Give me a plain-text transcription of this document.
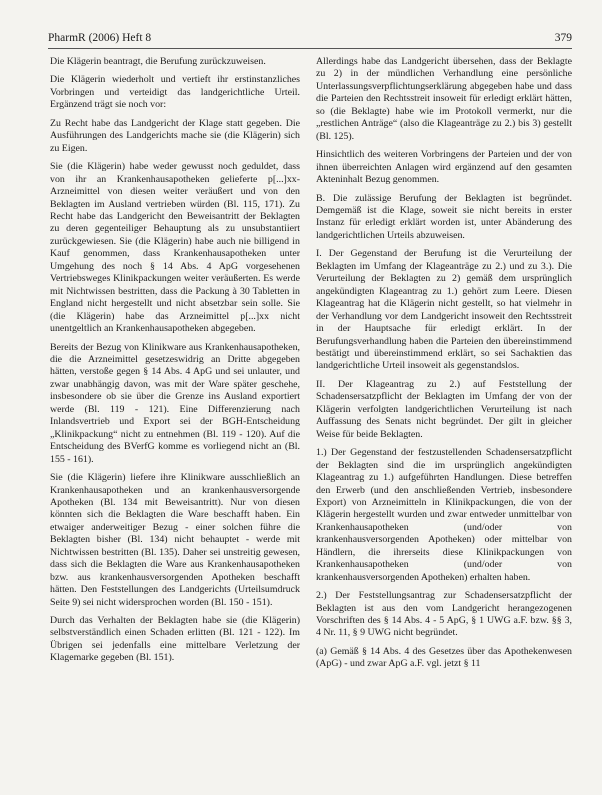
PharmR (2006) Heft 8	379

Die Klägerin beantragt, die Berufung zurückzuweisen.

Die Klägerin wiederholt und vertieft ihr erstinstanzliches Vorbringen und verteidigt das landgerichtliche Urteil. Ergänzend trägt sie noch vor:

Zu Recht habe das Landgericht der Klage statt gegeben. Die Ausführungen des Landgerichts mache sie (die Klägerin) sich zu Eigen.

Sie (die Klägerin) habe weder gewusst noch geduldet, dass von ihr an Krankenhausapotheken gelieferte p[...]xx-Arzneimittel von diesen weiter veräußert und von den Beklagten im Ausland vertrieben würden (Bl. 115, 171). Zu Recht habe das Landgericht den Beweisantritt der Beklagten zu deren gegenteiliger Behauptung als zu unsubstantiiert zurückgewiesen. Sie (die Klägerin) habe auch nie billigend in Kauf genommen, dass Krankenhausapotheken unter Umgehung des noch § 14 Abs. 4 ApG vorgesehenen Vertriebsweges Klinikpackungen weiter veräußerten. Es werde mit Nichtwissen bestritten, dass die Packung à 30 Tabletten in England nicht hergestellt und nicht absetzbar sein solle. Sie (die Klägerin) habe das Arzneimittel p[...]xx nicht unentgeltlich an Krankenhausapotheken abgegeben.

Bereits der Bezug von Klinikware aus Krankenhausapotheken, die die Arzneimittel gesetzeswidrig an Dritte abgegeben hätten, verstoße gegen § 14 Abs. 4 ApG und sei unlauter, und zwar unabhängig davon, was mit der Ware später geschehe, insbesondere ob sie über die Grenze ins Ausland exportiert werde (Bl. 119 - 121). Eine Differenzierung nach Inlandsvertrieb und Export sei der BGH-Entscheidung „Klinikpackung“ nicht zu entnehmen (Bl. 119 - 120). Auf die Entscheidung des BVerfG komme es vorliegend nicht an (Bl. 155 - 161).

Sie (die Klägerin) liefere ihre Klinikware ausschließlich an Krankenhausapotheken und an krankenhausversorgende Apotheken (Bl. 134 mit Beweisantritt). Nur von diesen könnten sich die Beklagten die Ware beschafft haben. Ein etwaiger anderweitiger Bezug - einer solchen führe die Beklagten bisher (Bl. 134) nicht behauptet - werde mit Nichtwissen bestritten (Bl. 135). Daher sei unstreitig gewesen, dass sich die Beklagten die Ware aus Krankenhausapotheken bzw. aus krankenhausversorgenden Apotheken beschafft hätten. Den Feststellungen des Landgerichts (Urteilsumdruck Seite 9) sei nicht widersprochen worden (Bl. 150 - 151).

Durch das Verhalten der Beklagten habe sie (die Klägerin) selbstverständlich einen Schaden erlitten (Bl. 121 - 122). Im Übrigen sei jedenfalls eine mittelbare Verletzung der Klagemarke gegeben (Bl. 151).

Allerdings habe das Landgericht übersehen, dass der Beklagte zu 2) in der mündlichen Verhandlung eine persönliche Unterlassungsverpflichtungserklärung abgegeben habe und dass die Parteien den Rechtsstreit insoweit für erledigt erklärt hätten, so (die Beklagte) habe wie im Protokoll vermerkt, nur die „restlichen Anträge“ (also die Klageanträge zu 2.) bis 3) gestellt (Bl. 125).

Hinsichtlich des weiteren Vorbringens der Parteien und der von ihnen überreichten Anlagen wird ergänzend auf den gesamten Akteninhalt Bezug genommen.

B. Die zulässige Berufung der Beklagten ist begründet. Demgemäß ist die Klage, soweit sie nicht bereits in erster Instanz für erledigt erklärt worden ist, unter Abänderung des landgerichtlichen Urteils abzuweisen.

I. Der Gegenstand der Berufung ist die Verurteilung der Beklagten im Umfang der Klageanträge zu 2.) und zu 3.). Die Verurteilung der Beklagten zu 2) gemäß dem ursprünglich angekündigten Klageantrag zu 1.) gehört zum Leere. Diesen Klageantrag hat die Klägerin nicht gestellt, so hat vielmehr in der Verhandlung vor dem Landgericht insoweit den Rechtsstreit in der Hauptsache für erledigt erklärt. In der Berufungsverhandlung haben die Parteien den übereinstimmend bestätigt und übereinstimmend erklärt, so sei Sachaktien das landgerichtliche Urteil insoweit als gegenstandslos.

II. Der Klageantrag zu 2.) auf Feststellung der Schadensersatzpflicht der Beklagten im Umfang der von der Klägerin verfolgten landgerichtlichen Verurteilung ist nach Auffassung des Senats nicht begründet. Der gilt in gleicher Weise für beide Beklagten.

1.) Der Gegenstand der festzustellenden Schadensersatzpflicht der Beklagten sind die im ursprünglich angekündigten Klageantrag zu 1.) aufgeführten Handlungen. Diese betreffen den Erwerb (und den anschließenden Vertrieb, insbesondere Export) von Arzneimitteln in Klinikpackungen, die von der Klägerin hergestellt wurden und zwar entweder unmittelbar von Krankenhausapotheken (und/oder von krankenhausversorgenden Apotheken) oder mittelbar von Händlern, die ihrerseits diese Klinikpackungen von Krankenhausapotheken (und/oder von krankenhausversorgenden Apotheken) erhalten haben.

2.) Der Feststellungsantrag zur Schadensersatzpflicht der Beklagten ist aus den vom Landgericht herangezogenen Vorschriften des § 14 Abs. 4 - 5 ApG, § 1 UWG a.F. bzw. §§ 3, 4 Nr. 11, § 9 UWG nicht begründet.

(a) Gemäß § 14 Abs. 4 des Gesetzes über das Apothekenwesen (ApG) - und zwar ApG a.F. vgl. jetzt § 11
